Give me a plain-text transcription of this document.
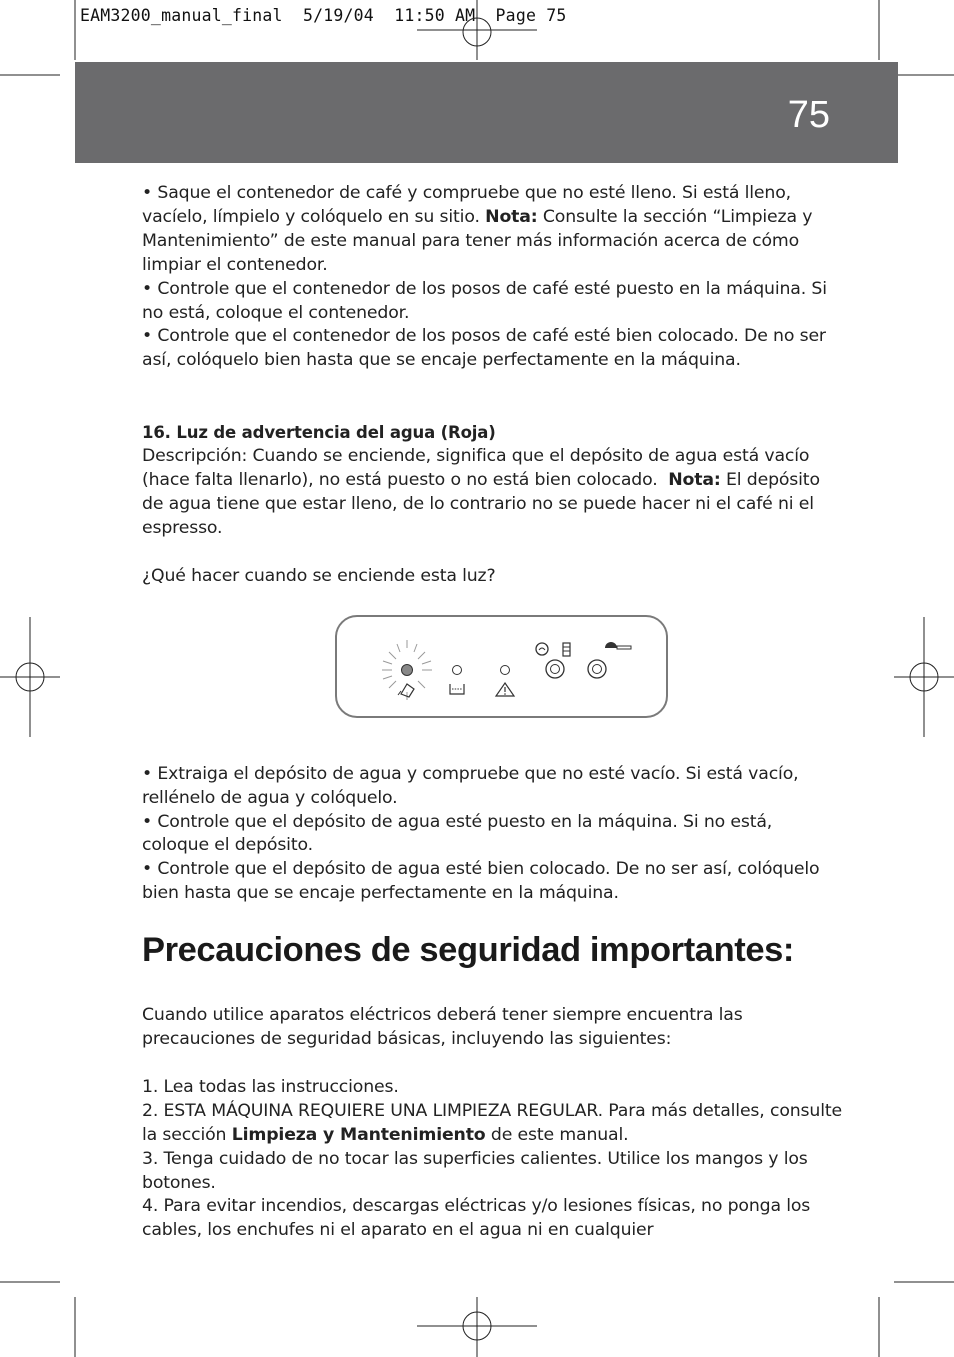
EAM3200_manual_final 5/19/04 11:50 AM Page 75
75

• Saque el contenedor de café y compruebe que no esté lleno. Si está lleno, vacíelo, límpielo y colóquelo en su sitio. Nota: Consulte la sección “Limpieza y Mantenimiento” de este manual para tener más información acerca de cómo limpiar el contenedor.

• Controle que el contenedor de los posos de café esté puesto en la máquina. Si no está, coloque el contenedor.

• Controle que el contenedor de los posos de café esté bien colocado. De no ser así, colóquelo bien hasta que se encaje perfectamente en la máquina.

16. Luz de advertencia del agua (Roja)

Descripción: Cuando se enciende, significa que el depósito de agua está vacío (hace falta llenarlo), no está puesto o no está bien colocado. Nota: El depósito de agua tiene que estar lleno, de lo contrario no se puede hacer ni el café ni el espresso.

¿Qué hacer cuando se enciende esta luz?

• Extraiga el depósito de agua y compruebe que no esté vacío. Si está vacío, rellénelo de agua y colóquelo.

• Controle que el depósito de agua esté puesto en la máquina. Si no está, coloque el depósito.

• Controle que el depósito de agua esté bien colocado. De no ser así, colóquelo bien hasta que se encaje perfectamente en la máquina.

Precauciones de seguridad importantes:

Cuando utilice aparatos eléctricos deberá tener siempre encuentra las precauciones de seguridad básicas, incluyendo las siguientes:

1. Lea todas las instrucciones.

2. ESTA MÁQUINA REQUIERE UNA LIMPIEZA REGULAR. Para más detalles, consulte la sección Limpieza y Mantenimiento de este manual.

3. Tenga cuidado de no tocar las superficies calientes. Utilice los mangos y los botones.

4. Para evitar incendios, descargas eléctricas y/o lesiones físicas, no ponga los cables, los enchufes ni el aparato en el agua ni en cualquier
